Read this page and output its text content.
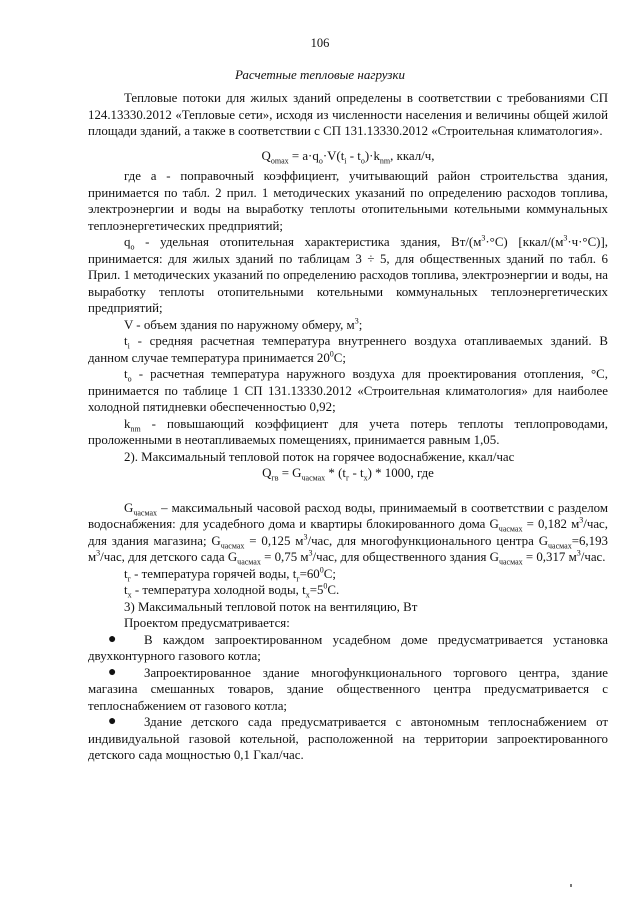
106
Расчетные тепловые нагрузки

Тепловые потоки для жилых зданий определены в соответствии с требованиями СП 124.13330.2012 «Тепловые сети», исходя из численности населения и величины общей жилой площади зданий, а также в соответствии с СП 131.13330.2012 «Строительная климатология».

$Q_{omax} = a\cdot q_o\cdot V(t_i - t_o)\cdot k_{nm}$, ккал/ч,

где а - поправочный коэффициент, учитывающий район строительства здания, принимается по табл. 2 прил. 1 методических указаний по определению расходов топлива, электроэнергии и воды на выработку теплоты отопительными котельными коммунальных теплоэнергетических предприятий;

$q_o$ - удельная отопительная характеристика здания, $Вт/(м^3\cdot^\circ С)$ $[ккал/(м^3\cdot ч\cdot^\circ С)]$, принимается: для жилых зданий по таблицам 3 ÷ 5, для общественных зданий по табл. 6 Прил. 1 методических указаний по определению расходов топлива, электроэнергии и воды, на выработку теплоты отопительными котельными коммунальных теплоэнергетических предприятий;

V - объем здания по наружному обмеру, $м^3$;

$t_i$ - средняя расчетная температура внутреннего воздуха отапливаемых зданий. В данном случае температура принимается $20^0С$;

$t_o$ - расчетная температура наружного воздуха для проектирования отопления, °С, принимается по таблице 1 СП 131.13330.2012 «Строительная климатология» для наиболее холодной пятидневки обеспеченностью 0,92;

$k_{nm}$ - повышающий коэффициент для учета потерь теплоты теплопроводами, проложенными в неотапливаемых помещениях, принимается равным 1,05.

2). Максимальный тепловой поток на горячее водоснабжение, ккал/час

$Q_{гв} = G_{часмах} * (t_г - t_х) * 1000$, где

$G_{часмах}$ – максимальный часовой расход воды, принимаемый в соответствии с разделом водоснабжения: для усадебного дома и квартиры блокированного дома $G_{часмах} = 0,182$ $м^3$/час, для здания магазина; $G_{часмах} = 0,125$ $м^3$/час, для многофункционального центра $G_{часмах}=6,193$ $м^3$/час, для детского сада $G_{часмах} = 0,75$ $м^3$/час, для общественного здания $G_{часмах} = 0,317$ $м^3$/час.

$t_г$ - температура горячей воды, $t_г=60^0С$;

$t_х$ - температура холодной воды, $t_х=5^0С$.

3) Максимальный тепловой поток на вентиляцию, Вт

Проектом предусматривается:

● В каждом запроектированном усадебном доме предусматривается установка двухконтурного газового котла;

● Запроектированное здание многофункционального торгового центра, здание магазина смешанных товаров, здание общественного центра предусматривается с теплоснабжением от газового котла;

● Здание детского сада предусматривается с автономным теплоснабжением от индивидуальной газовой котельной, расположенной на территории запроектированного детского сада мощностью 0,1 Гкал/час.
